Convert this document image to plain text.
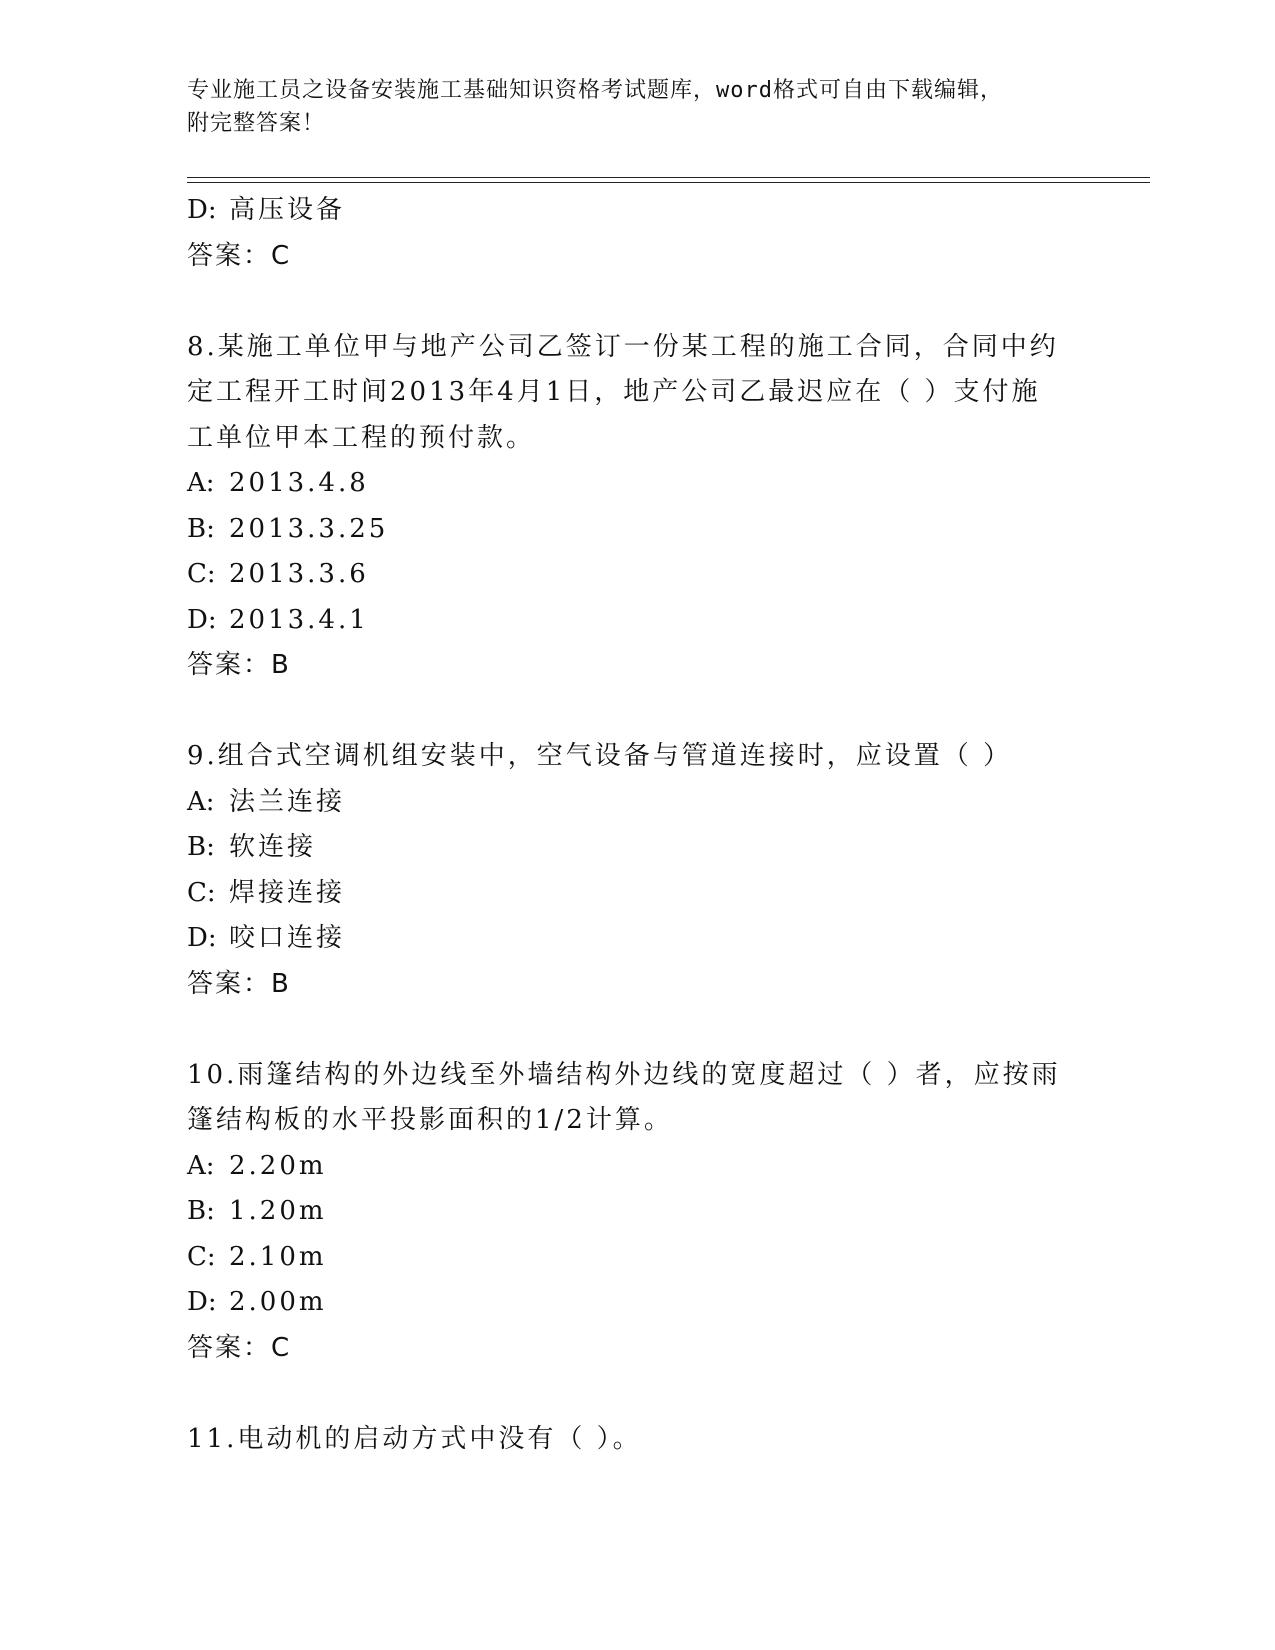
专业施工员之设备安装施工基础知识资格考试题库，word格式可自由下载编辑，
附完整答案！
D: 高压设备
答案：C
8.某施工单位甲与地产公司乙签订一份某工程的施工合同，合同中约
定工程开工时间2013年4月1日，地产公司乙最迟应在（ ）支付施
工单位甲本工程的预付款。
A: 2013.4.8
B: 2013.3.25
C: 2013.3.6
D: 2013.4.1
答案：B
9.组合式空调机组安装中，空气设备与管道连接时，应设置（ ）
A: 法兰连接
B: 软连接
C: 焊接连接
D: 咬口连接
答案：B
10.雨篷结构的外边线至外墙结构外边线的宽度超过（ ）者，应按雨
篷结构板的水平投影面积的1/2计算。
A: 2.20m
B: 1.20m
C: 2.10m
D: 2.00m
答案：C
11.电动机的启动方式中没有（ ）。
